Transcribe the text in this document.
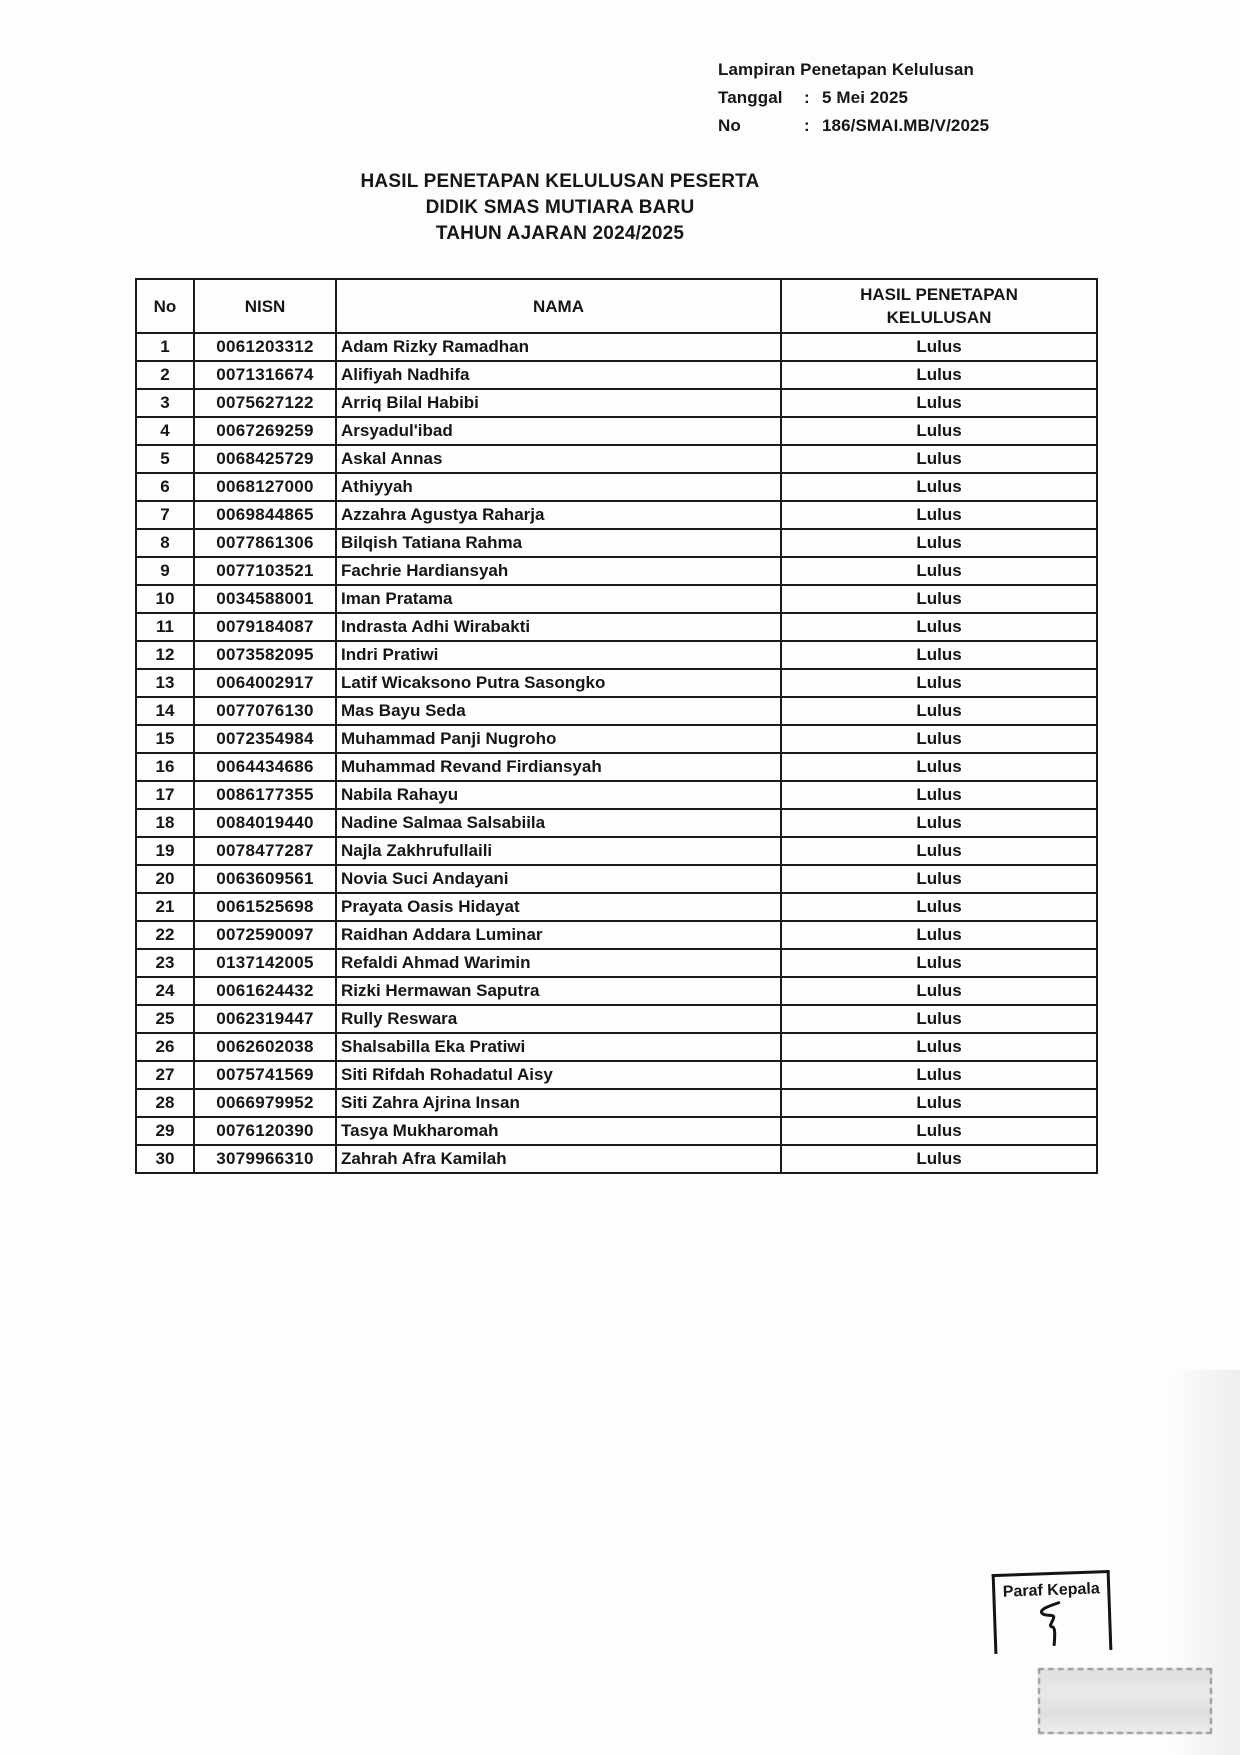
Lampiran Penetapan Kelulusan
Tanggal : 5 Mei 2025
No	: 186/SMAI.MB/V/2025
HASIL PENETAPAN KELULUSAN PESERTA
DIDIK SMAS MUTIARA BARU
TAHUN AJARAN 2024/2025
No	NISN	NAMA	HASIL PENETAPAN
KELULUSAN
1	0061203312	Adam Rizky Ramadhan	Lulus
2	0071316674	Alifiyah Nadhifa	Lulus
3	0075627122	Arriq Bilal Habibi	Lulus
4	0067269259	Arsyadul'ibad	Lulus
5	0068425729	Askal Annas	Lulus
6	0068127000	Athiyyah	Lulus
7	0069844865	Azzahra Agustya Raharja	Lulus
8	0077861306	Bilqish Tatiana Rahma	Lulus
9	0077103521	Fachrie Hardiansyah	Lulus
10	0034588001	Iman Pratama	Lulus
11	0079184087	Indrasta Adhi Wirabakti	Lulus
12	0073582095	Indri Pratiwi	Lulus
13	0064002917	Latif Wicaksono Putra Sasongko	Lulus
14	0077076130	Mas Bayu Seda	Lulus
15	0072354984	Muhammad Panji Nugroho	Lulus
16	0064434686	Muhammad Revand Firdiansyah	Lulus
17	0086177355	Nabila Rahayu	Lulus
18	0084019440	Nadine Salmaa Salsabiila	Lulus
19	0078477287	Najla Zakhrufullaili	Lulus
20	0063609561	Novia Suci Andayani	Lulus
21	0061525698	Prayata Oasis Hidayat	Lulus
22	0072590097	Raidhan Addara Luminar	Lulus
23	0137142005	Refaldi Ahmad Warimin	Lulus
24	0061624432	Rizki Hermawan Saputra	Lulus
25	0062319447	Rully Reswara	Lulus
26	0062602038	Shalsabilla Eka Pratiwi	Lulus
27	0075741569	Siti Rifdah Rohadatul Aisy	Lulus
28	0066979952	Siti Zahra Ajrina Insan	Lulus
29	0076120390	Tasya Mukharomah	Lulus
30	3079966310	Zahrah Afra Kamilah	Lulus
Paraf Kepala
